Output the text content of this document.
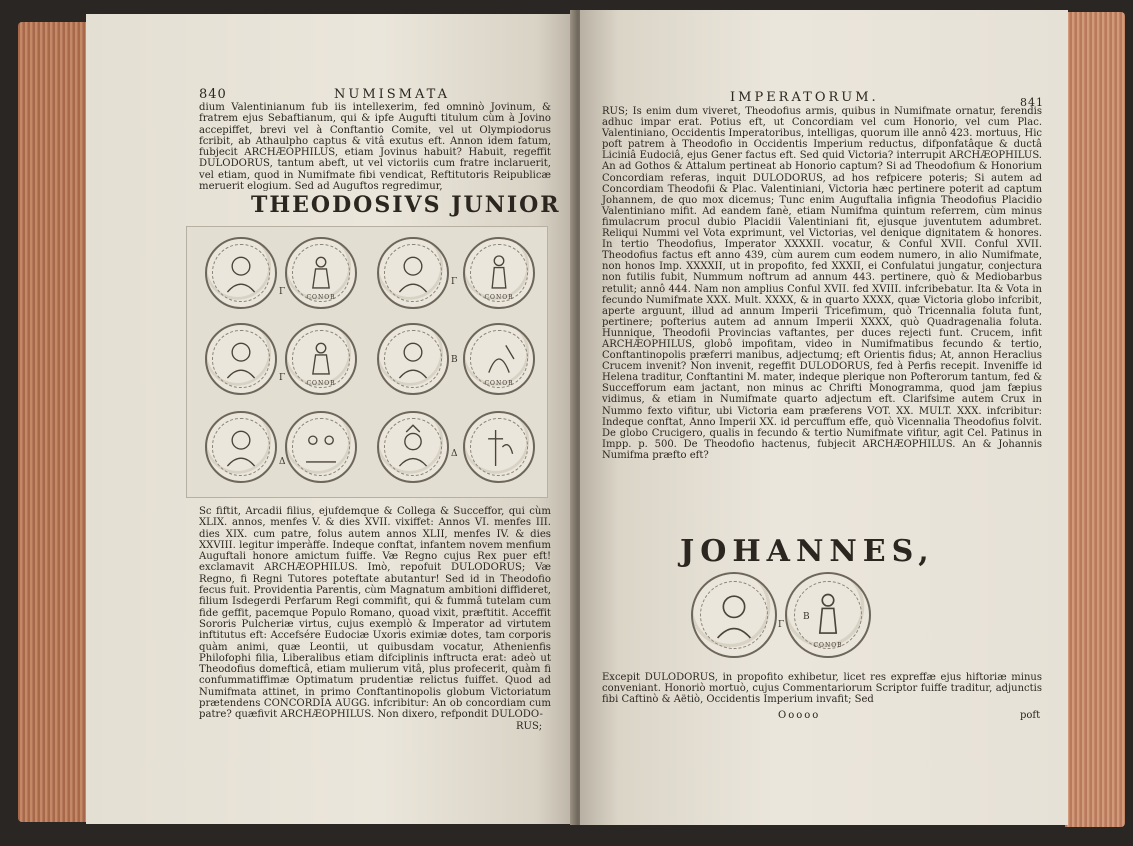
840	NUMISMATA

dium Valentinianum fub iis intellexerim, fed omninò Jovinum, & fratrem ejus Sebaftianum, qui & ipfe Augufti titulum cùm à Jovino accepiffet, brevi vel à Conftantio Comite, vel ut Olympiodorus fcribit, ab Athaulpho captus & vitâ exutus eft. Annon idem fatum, fubjecit ARCHÆOPHILUS, etiam Jovinus habuit? Habuit, regeffit DULODORUS, tantum abeft, ut vel victoriis cum fratre inclaruerit, vel etiam, quod in Numifmate fibi vendicat, Reftitutoris Reipublicæ meruerit elogium. Sed ad Auguftos regredimur,

THEODOSIVS JUNIOR
CONOB	CONOB
CONOB	CONOB
Γ
Γ
Γ
B
Δ
Δ

Sc fiftit, Arcadii filius, ejufdemque & Collega & Succeffor, qui cùm XLIX. annos, menfes V. & dies XVII. vixiffet: Annos VI. menfes III. dies XIX. cum patre, folus autem annos XLII, menfes IV. & dies XXVIII. legitur imperàffe. Indeque conftat, infantem novem menfium Auguftali honore amictum fuiffe. Væ Regno cujus Rex puer eft! exclamavit ARCHÆOPHILUS. Imò, repofuit DULODORUS; Væ Regno, fi Regni Tutores poteftate abutantur! Sed id in Theodofio fecus fuit. Providentia Parentis, cùm Magnatum ambitioni diffideret, filium Isdegerdi Perfarum Regi commifit, qui & fummâ tutelam cum fide geffit, pacemque Populo Romano, quoad vixit, præftitit. Acceffit Sororis Pulcheriæ virtus, cujus exemplò & Imperator ad virtutem inftitutus eft: Accefsére Eudociæ Uxoris eximiæ dotes, tam corporis quàm animi, quæ Leontii, ut quibusdam vocatur, Athenienfis Philofophi filia, Liberalibus etiam difciplinis inftructa erat: adeò ut Theodofius domefticâ, etiam mulierum vitâ, plus profecerit, quàm fi confummatiffimæ Optimatum prudentiæ relictus fuiffet. Quod ad Numifmata attinet, in primo Conftantinopolis globum Victoriatum prætendens CONCORDIA AUGG. infcribitur: An ob concordiam cum patre? quæfivit ARCHÆOPHILUS. Non dixero, refpondit DULODO-

RUS;
IMPERATORUM.	841

RUS; Is enim dum viveret, Theodofius armis, quibus in Numifmate ornatur, ferendis adhuc impar erat. Potius eft, ut Concordiam vel cum Honorio, vel cum Plac. Valentiniano, Occidentis Imperatoribus, intelligas, quorum ille annô 423. mortuus, Hic poft patrem à Theodofio in Occidentis Imperium reductus, difponfatâque & ductâ Liciniâ Eudociâ, ejus Gener factus eft. Sed quid Victoria? interrupit ARCHÆOPHILUS. An ad Gothos & Attalum pertineat ab Honorio captum? Si ad Theodofium & Honorium Concordiam referas, inquit DULODORUS, ad hos refpicere poteris; Si autem ad Concordiam Theodofii & Plac. Valentiniani, Victoria hæc pertinere poterit ad captum Johannem, de quo mox dicemus; Tunc enim Auguftalia infignia Theodofius Placidio Valentiniano mifit. Ad eandem fanè, etiam Numifma quintum referrem, cùm minus fimulacrum procul dubio Placidii Valentiniani fit, ejusque juventutem adumbret. Reliqui Nummi vel Vota exprimunt, vel Victorias, vel denique dignitatem & honores. In tertio Theodofius, Imperator XXXXII. vocatur, & Conful XVII. Conful XVII. Theodofius factus eft anno 439, cùm aurem cum eodem numero, in alio Numifmate, non honos Imp. XXXXII, ut in propofito, fed XXXII, ei Confulatui jungatur, conjectura non futilis fubit, Nummum noftrum ad annum 443. pertinere, quò & Mediobarbus retulit; annô 444. Nam non amplius Conful XVII. fed XVIII. infcribebatur. Ita & Vota in fecundo Numifmate XXX. Mult. XXXX, & in quarto XXXX, quæ Victoria globo infcribit, aperte arguunt, illud ad annum Imperii Tricefimum, quò Tricennalia foluta funt, pertinere; pofterius autem ad annum Imperii XXXX, quò Quadragenalia foluta. Hunnique, Theodofii Provincias vaftantes, per duces rejecti funt. Crucem, infit ARCHÆOPHILUS, globô impofitam, video in Numifmatibus fecundo & tertio, Conftantinopolis præferri manibus, adjectumq; eft Orientis fidus; At, annon Heraclius Crucem invenit? Non invenit, regeffit DULODORUS, fed à Perfis recepit. Inveniffe id Helena traditur, Conftantini M. mater, indeque plerique non Pofterorum tantum, fed & Succefforum eam jactant, non minus ac Chrifti Monogramma, quod jam fæpius vidimus, & etiam in Numifmate quarto adjectum eft. Clarifsime autem Crux in Nummo fexto vifitur, ubi Victoria eam præferens VOT. XX. MULT. XXX. infcribitur: Indeque conftat, Anno Imperii XX. id percuffum effe, quò Vicennalia Theodofius folvit. De globo Crucigero, qualis in fecundo & tertio Numifmate vifitur, agit Cel. Patinus in Impp. p. 500. De Theodofio hactenus, fubjecit ARCHÆOPHILUS. An & Johannis Numifma præfto eft?

JOHANNES,
CONOB
Γ
B

Excepit DULODORUS, in propofito exhibetur, licet res expreffæ ejus hiftoriæ minus conveniant. Honoriò mortuò, cujus Commentariorum Scriptor fuiffe traditur, adjunctis fibi Caftinò & Aëtiò, Occidentis Imperium invafit; Sed

Ooooo	poft
